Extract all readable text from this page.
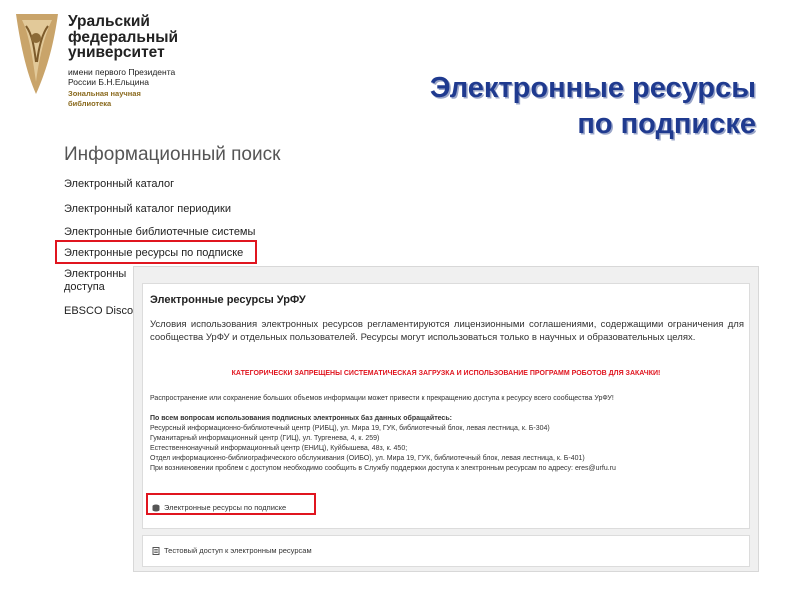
Уральский
федеральный
университет
имени первого Президента
России Б.Н.Ельцина
Зональная научная
библиотека	Электронные ресурсы
по подписке
Информационный поиск
Электронный каталог
Электронный каталог периодики
Электронные библиотечные системы
Электронные ресурсы по подписке
Электронны
доступа
EBSCO Disco
Электронные ресурсы УрФУ
Условия использования электронных ресурсов регламентируются лицензионными соглашениями, содержащими ограничения для сообщества УрФУ и отдельных пользователей. Ресурсы могут использоваться только в научных и образовательных целях.
КАТЕГОРИЧЕСКИ ЗАПРЕЩЕНЫ СИСТЕМАТИЧЕСКАЯ ЗАГРУЗКА И ИСПОЛЬЗОВАНИЕ ПРОГРАММ РОБОТОВ ДЛЯ ЗАКАЧКИ!
Распространение или сохранение больших объемов информации может привести к прекращению доступа к ресурсу всего сообщества УрФУ!
По всем вопросам использования подписных электронных баз данных обращайтесь:
Ресурсный информационно-библиотечный центр (РИБЦ), ул. Мира 19, ГУК, библиотечный блок, левая лестница, к. Б-304)
Гуманитарный информационный центр (ГИЦ), ул. Тургенева, 4, к. 259)
Естественнонаучный информационный центр (ЕНИЦ), Куйбышева, 48з, к. 450;
Отдел информационно-библиографического обслуживания (ОИБО), ул. Мира 19, ГУК, библиотечный блок, левая лестница, к. Б-401)
При возникновении проблем с доступом необходимо сообщить в Службу поддержки доступа к электронным ресурсам по адресу: eres@urfu.ru
Электронные ресурсы по подписке
Тестовый доступ к электронным ресурсам
